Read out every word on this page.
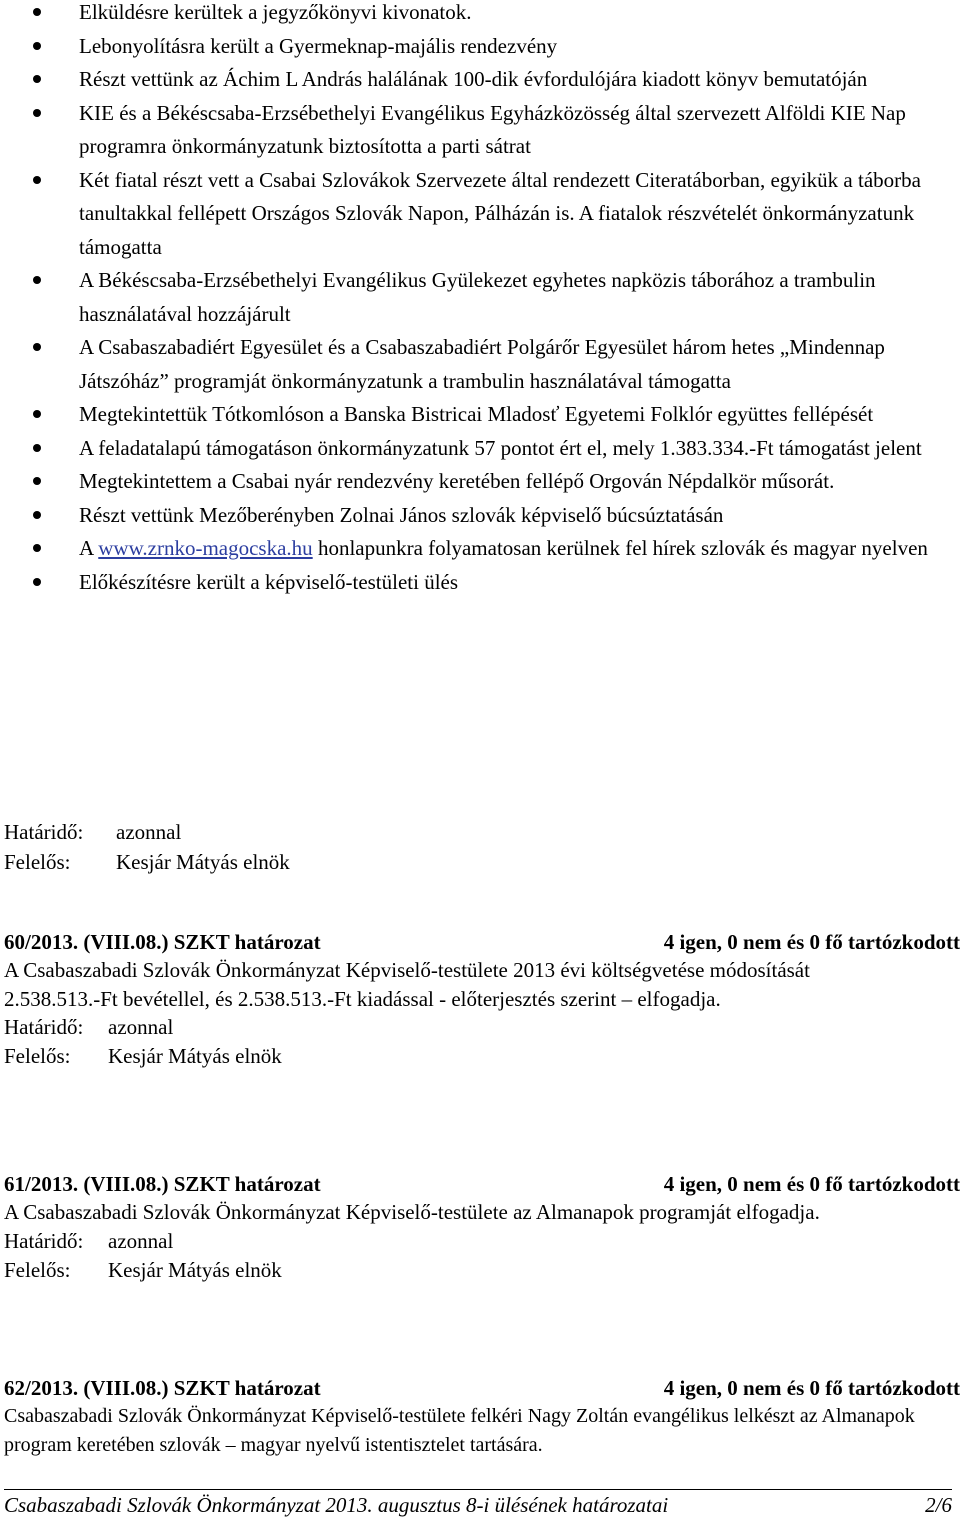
Elküldésre kerültek a jegyzőkönyvi kivonatok.
Lebonyolításra került a Gyermeknap-majális rendezvény
Részt vettünk az Áchim L András halálának 100-dik évfordulójára kiadott könyv bemutatóján
KIE és a Békéscsaba-Erzsébethelyi Evangélikus Egyházközösség által szervezett Alföldi KIE Nap programra önkormányzatunk biztosította a parti sátrat
Két fiatal részt vett a Csabai Szlovákok Szervezete által rendezett Citeratáborban, egyikük a táborba tanultakkal fellépett Országos Szlovák Napon, Pálházán is. A fiatalok részvételét önkormányzatunk támogatta
A Békéscsaba-Erzsébethelyi Evangélikus Gyülekezet egyhetes napközis táborához a trambulin használatával hozzájárult
A Csabaszabadiért Egyesület és a Csabaszabadiért Polgárőr Egyesület három hetes „Mindennap Játszóház” programját önkormányzatunk a trambulin használatával támogatta
Megtekintettük Tótkomlóson a Banska Bistricai Mladosť Egyetemi Folklór együttes fellépését
A feladatalapú támogatáson önkormányzatunk 57 pontot ért el, mely 1.383.334.-Ft támogatást jelent
Megtekintettem a Csabai nyár rendezvény keretében fellépő Orgován Népdalkör műsorát.
Részt vettünk Mezőberényben Zolnai János szlovák képviselő búcsúztatásán
A www.zrnko-magocska.hu honlapunkra folyamatosan kerülnek fel hírek szlovák és magyar nyelven
Előkészítésre került a képviselő-testületi ülés
Határidő: azonnal
Felelős: Kesjár Mátyás elnök
60/2013. (VIII.08.) SZKT határozat	4 igen, 0 nem és 0 fő tartózkodott
A Csabaszabadi Szlovák Önkormányzat Képviselő-testülete 2013 évi költségvetése módosítását 2.538.513.-Ft bevétellel, és 2.538.513.-Ft kiadással - előterjesztés szerint – elfogadja.
Határidő: azonnal
Felelős: Kesjár Mátyás elnök
61/2013. (VIII.08.) SZKT határozat	4 igen, 0 nem és 0 fő tartózkodott
A Csabaszabadi Szlovák Önkormányzat Képviselő-testülete az Almanapok programját elfogadja.
Határidő: azonnal
Felelős: Kesjár Mátyás elnök
62/2013. (VIII.08.) SZKT határozat	4 igen, 0 nem és 0 fő tartózkodott
Csabaszabadi Szlovák Önkormányzat Képviselő-testülete felkéri Nagy Zoltán evangélikus lelkészt az Almanapok program keretében szlovák – magyar nyelvű istentisztelet tartására.
Csabaszabadi Szlovák Önkormányzat 2013. augusztus 8-i ülésének határozatai	2/6
